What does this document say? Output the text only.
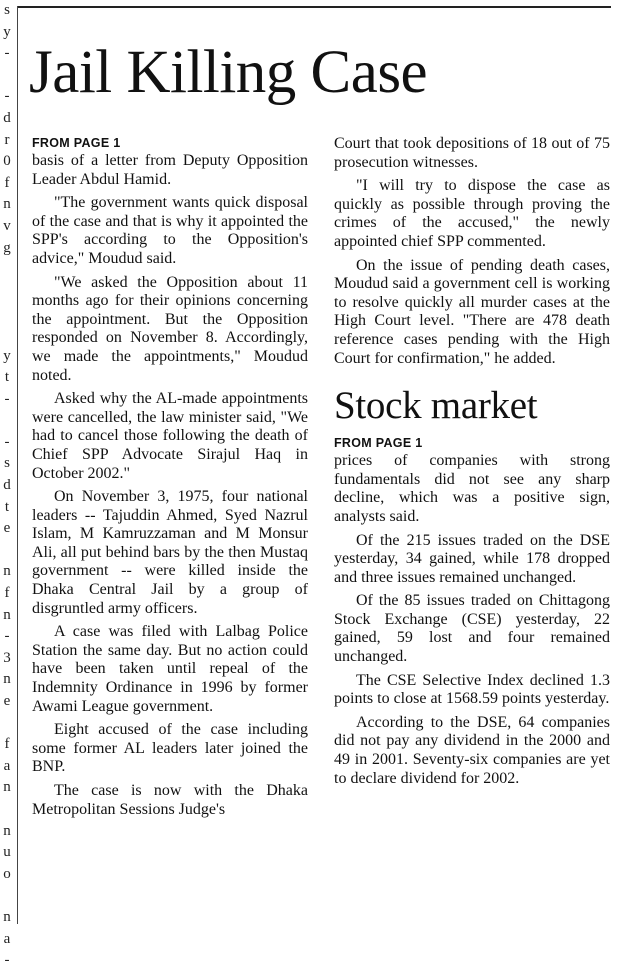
s
y
-
-
d
r
0
f
n
v
g
y
t
-
-
s
d
t
e
n
f
n
-
3
n
e
f
a
n
n
u
o
n
a
-
Jail Killing Case
FROM PAGE 1

basis of a letter from Deputy Opposition Leader Abdul Hamid.

"The government wants quick disposal of the case and that is why it appointed the SPP's according to the Opposition's advice," Moudud said.

"We asked the Opposition about 11 months ago for their opinions concerning the appointment. But the Opposition responded on November 8. Accordingly, we made the appointments," Moudud noted.

Asked why the AL-made appointments were cancelled, the law minister said, "We had to cancel those following the death of Chief SPP Advocate Sirajul Haq in October 2002."

On November 3, 1975, four national leaders -- Tajuddin Ahmed, Syed Nazrul Islam, M Kamruzzaman and M Monsur Ali, all put behind bars by the then Mustaq government -- were killed inside the Dhaka Central Jail by a group of disgruntled army officers.

A case was filed with Lalbag Police Station the same day. But no action could have been taken until repeal of the Indemnity Ordinance in 1996 by former Awami League government.

Eight accused of the case including some former AL leaders later joined the BNP.

The case is now with the Dhaka Metropolitan Sessions Judge's

Court that took depositions of 18 out of 75 prosecution witnesses.

"I will try to dispose the case as quickly as possible through proving the crimes of the accused," the newly appointed chief SPP commented.

On the issue of pending death cases, Moudud said a government cell is working to resolve quickly all murder cases at the High Court level. "There are 478 death reference cases pending with the High Court for confirmation," he added.

Stock market
FROM PAGE 1

prices of companies with strong fundamentals did not see any sharp decline, which was a positive sign, analysts said.

Of the 215 issues traded on the DSE yesterday, 34 gained, while 178 dropped and three issues remained unchanged.

Of the 85 issues traded on Chittagong Stock Exchange (CSE) yesterday, 22 gained, 59 lost and four remained unchanged.

The CSE Selective Index declined 1.3 points to close at 1568.59 points yesterday.

According to the DSE, 64 companies did not pay any dividend in the 2000 and 49 in 2001. Seventy-six companies are yet to declare dividend for 2002.
